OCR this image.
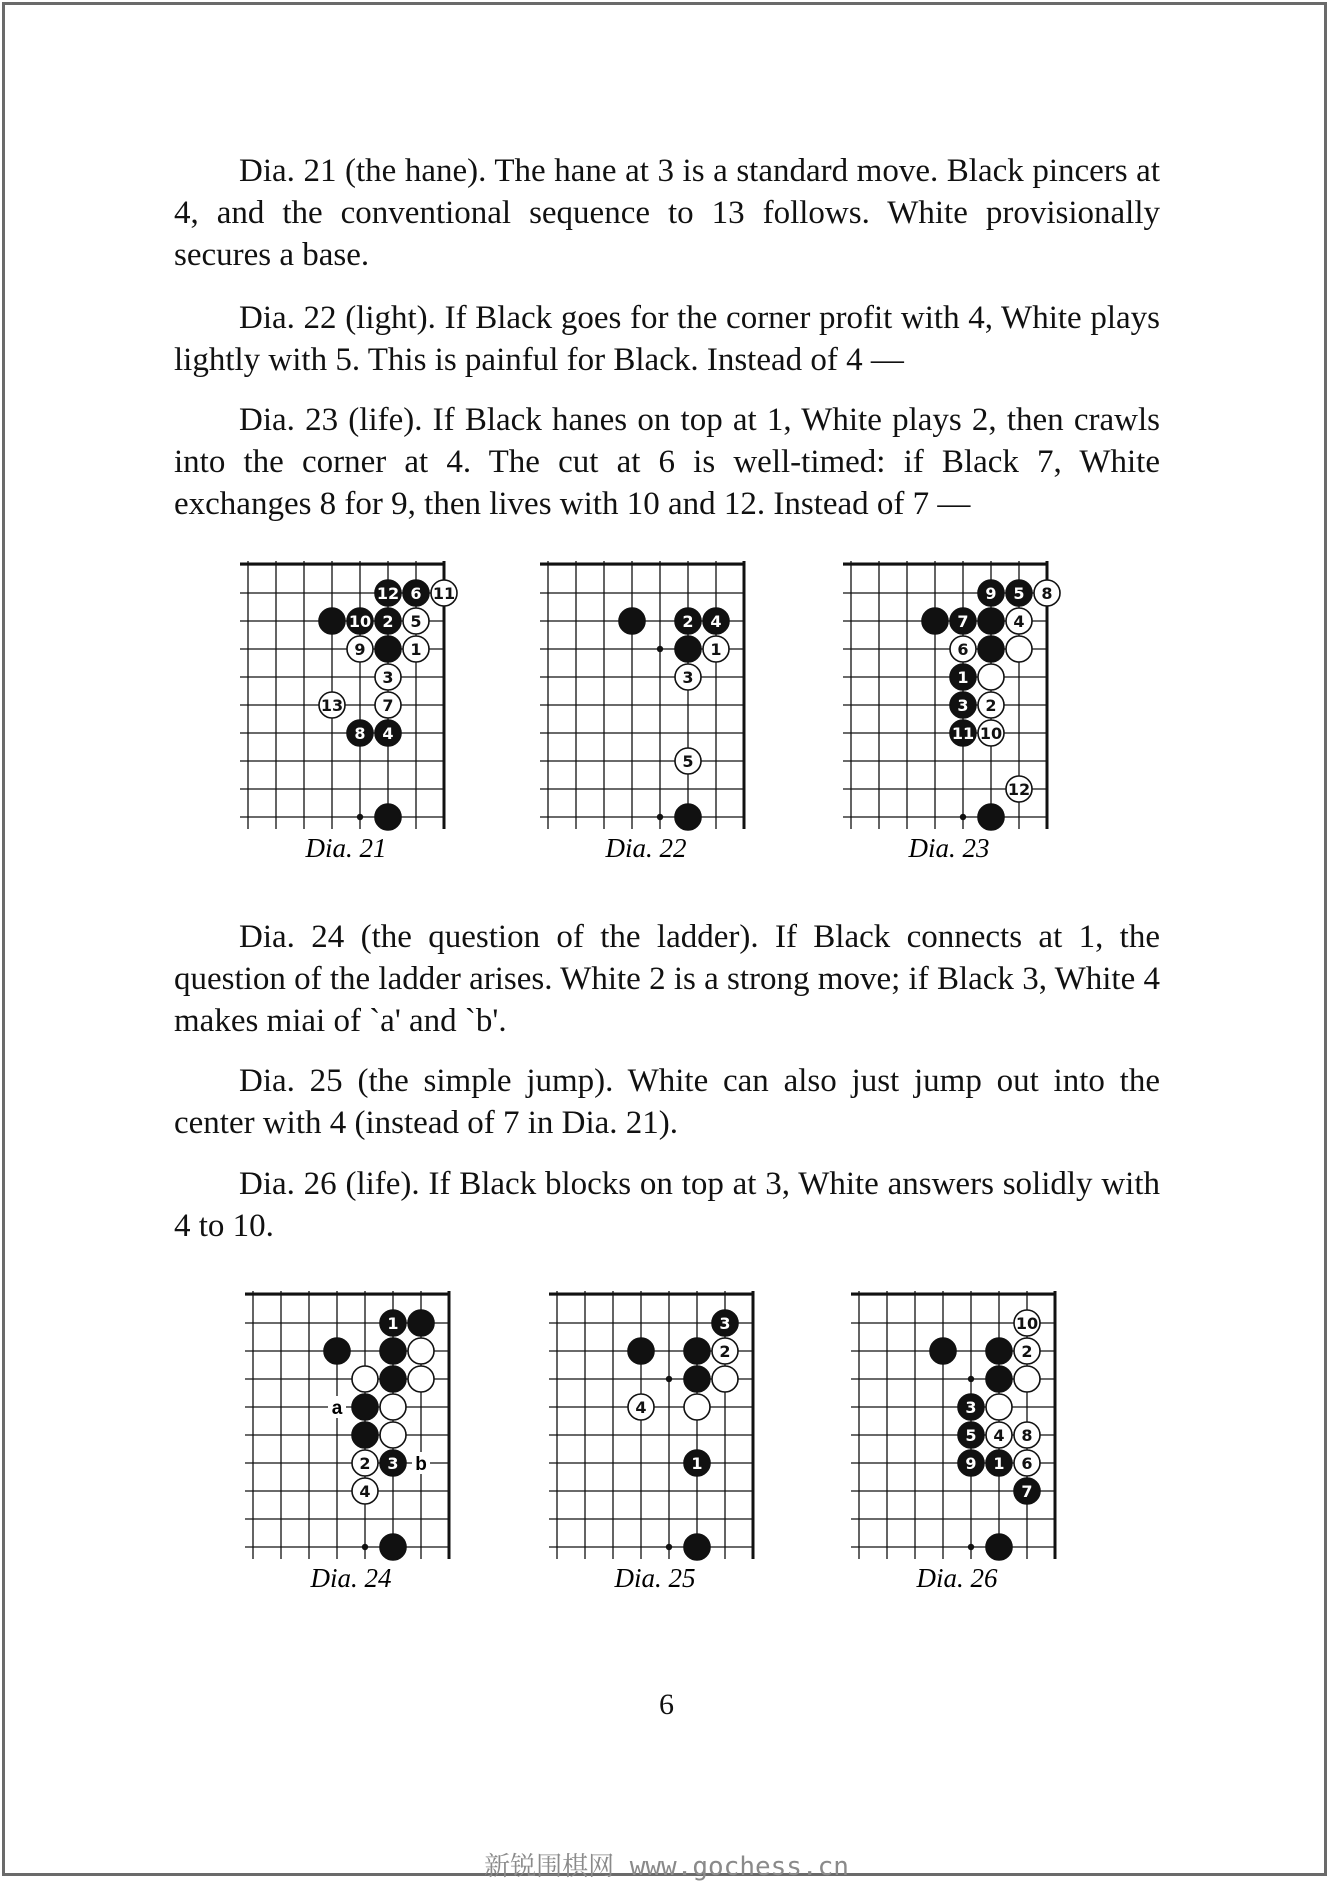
Dia. 21 (the hane). The hane at 3 is a standard move. Black pincers at 4, and the conventional sequence to 13 follows. White provisionally secures a base.

Dia. 22 (light). If Black goes for the corner profit with 4, White plays lightly with 5. This is painful for Black. Instead of 4 —

Dia. 23 (life). If Black hanes on top at 1, White plays 2, then crawls into the corner at 4. The cut at 6 is well-timed: if Black 7, White exchanges 8 for 9, then lives with 10 and 12. Instead of 7 —

12 6 11
10 2 5
9	1
3
13 7
8 4
Dia. 21
2 4
1
3
5
Dia. 22
9 5 8
7	4
6
1
3 2
11 10
12
Dia. 23

Dia. 24 (the question of the ladder). If Black connects at 1, the question of the ladder arises. White 2 is a strong move; if Black 3, White 4 makes miai of `a' and `b'.

Dia. 25 (the simple jump). White can also just jump out into the center with 4 (instead of 7 in Dia. 21).

Dia. 26 (life). If Black blocks on top at 3, White answers solidly with 4 to 10.

a
b
1
2 3
4
Dia. 24
3
2
4
1
Dia. 25
10
2
3
5 4 8
9 1 6
7
Dia. 26
6
新锐围棋网 www.gochess.cn
